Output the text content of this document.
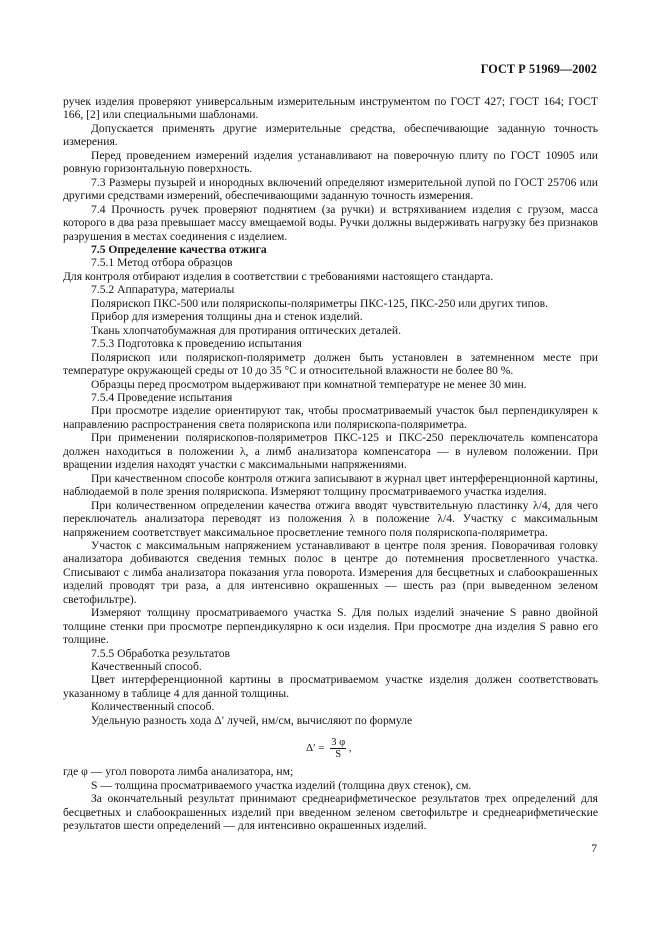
ГОСТ Р 51969—2002

ручек изделия проверяют универсальным измерительным инструментом по ГОСТ 427; ГОСТ 164; ГОСТ 166, [2] или специальными шаблонами.

Допускается применять другие измерительные средства, обеспечивающие заданную точность измерения.

Перед проведением измерений изделия устанавливают на поверочную плиту по ГОСТ 10905 или ровную горизонтальную поверхность.

7.3 Размеры пузырей и инородных включений определяют измерительной лупой по ГОСТ 25706 или другими средствами измерений, обеспечивающими заданную точность измерения.

7.4 Прочность ручек проверяют поднятием (за ручки) и встряхиванием изделия с грузом, масса которого в два раза превышает массу вмещаемой воды. Ручки должны выдерживать нагрузку без признаков разрушения в местах соединения с изделием.

7.5 Определение качества отжига

7.5.1 Метод отбора образцов

Для контроля отбирают изделия в соответствии с требованиями настоящего стандарта.

7.5.2 Аппаратура, материалы

Полярископ ПКС-500 или полярископы-поляриметры ПКС-125, ПКС-250 или других типов.

Прибор для измерения толщины дна и стенок изделий.

Ткань хлопчатобумажная для протирания оптических деталей.

7.5.3 Подготовка к проведению испытания

Полярископ или полярископ-поляриметр должен быть установлен в затемненном месте при температуре окружающей среды от 10 до 35 °С и относительной влажности не более 80 %.

Образцы перед просмотром выдерживают при комнатной температуре не менее 30 мин.

7.5.4 Проведение испытания

При просмотре изделие ориентируют так, чтобы просматриваемый участок был перпендикулярен к направлению распространения света полярископа или полярископа-поляриметра.

При применении полярископов-поляриметров ПКС-125 и ПКС-250 переключатель компенсатора должен находиться в положении λ, а лимб анализатора компенсатора — в нулевом положении. При вращении изделия находят участки с максимальными напряжениями.

При качественном способе контроля отжига записывают в журнал цвет интерференционной картины, наблюдаемой в поле зрения полярископа. Измеряют толщину просматриваемого участка изделия.

При количественном определении качества отжига вводят чувствительную пластинку λ/4, для чего переключатель анализатора переводят из положения λ в положение λ/4. Участку с максимальным напряжением соответствует максимальное просветление темного поля полярископа-поляриметра.

Участок с максимальным напряжением устанавливают в центре поля зрения. Поворачивая головку анализатора добиваются сведения темных полос в центре до потемнения просветленного участка. Списывают с лимба анализатора показания угла поворота. Измерения для бесцветных и слабоокрашенных изделий проводят три раза, а для интенсивно окрашенных — шесть раз (при выведенном зеленом светофильтре).

Измеряют толщину просматриваемого участка S. Для полых изделий значение S равно двойной толщине стенки при просмотре перпендикулярно к оси изделия. При просмотре дна изделия S равно его толщине.

7.5.5 Обработка результатов

Качественный способ.

Цвет интерференционной картины в просматриваемом участке изделия должен соответствовать указанному в таблице 4 для данной толщины.

Количественный способ.

Удельную разность хода Δ′ лучей, нм/см, вычисляют по формуле

$\Delta' = \frac{3 \varphi}{S}$ ,

где φ — угол поворота лимба анализатора, нм;

S — толщина просматриваемого участка изделий (толщина двух стенок), см.

За окончательный результат принимают среднеарифметическое результатов трех определений для бесцветных и слабоокрашенных изделий при введенном зеленом светофильтре и среднеарифметические результатов шести определений — для интенсивно окрашенных изделий.

7
